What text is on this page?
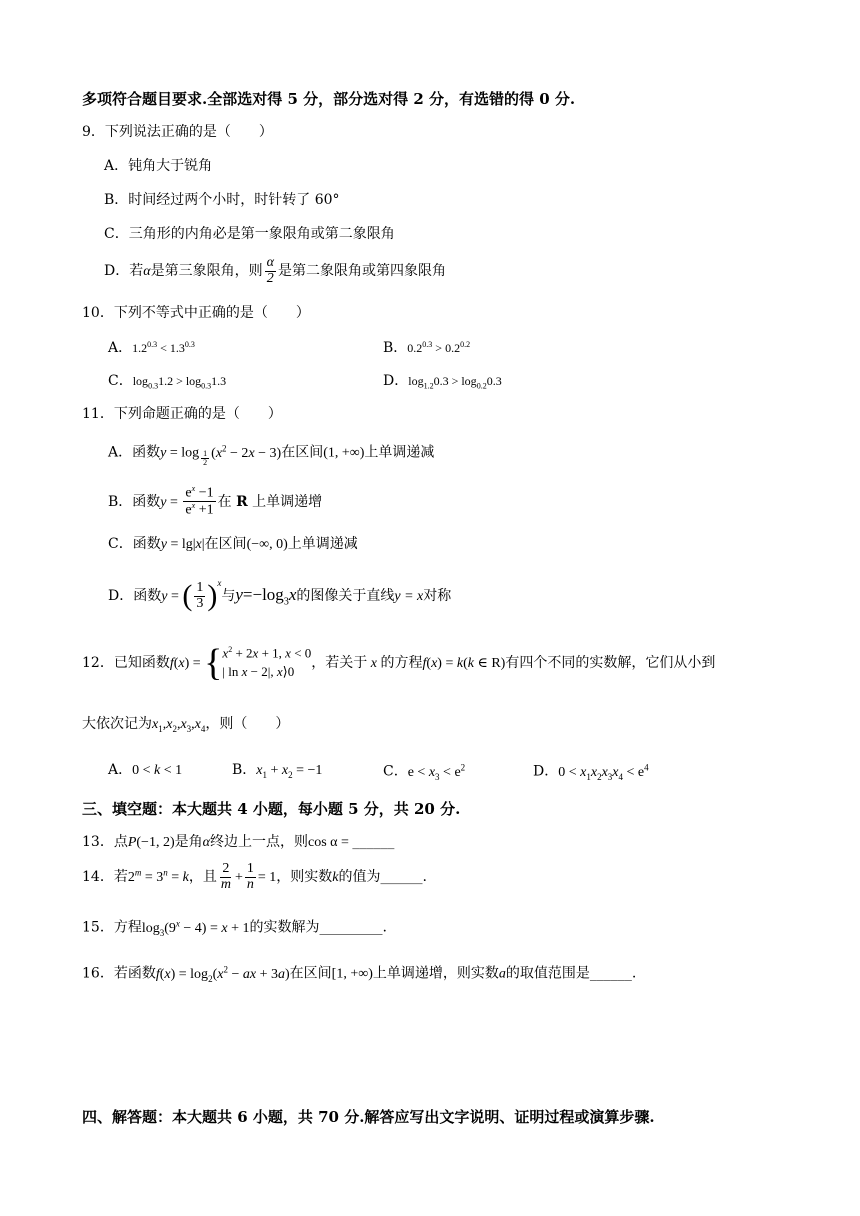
多项符合题目要求.全部选对得 5 分，部分选对得 2 分，有选错的得 0 分.
9．下列说法正确的是（　　）
A．钝角大于锐角
B．时间经过两个小时，时针转了 60°
C．三角形的内角必是第一象限角或第二象限角
D．若α是第三象限角，则 $\frac{\alpha}{2}$ 是第二象限角或第四象限角
10．下列不等式中正确的是（　　）
A．$1.2^{0.3} < 1.3^{0.3}$	B．$0.2^{0.3} > 0.2^{0.2}$
C．$\log_{0.3}1.2 > \log_{0.3}1.3$	D．$\log_{1.2}0.3 > \log_{0.2}0.3$
11．下列命题正确的是（　　）
A．函数y = log $_{\frac{1}{2}}$ $(x^2 - 2x - 3)$在区间(1, +∞)上单调递减
B．函数$y = \frac{e^x -1}{e^x +1}$ 在 R 上单调递增
C．函数y = lg|x|在区间(−∞, 0)上单调递减
D．函数y = ( $\frac{1}{3} )^x$与$y=-\log_3x$的图像关于直线y = x对称
12．已知函数f(x) = { $x^2 + 2x + 1$, x < 0
| ln x − 2|, x⟩0
，若关于 x 的方程f(x) = k(k ∈ R)有四个不同的实数解，它们从小到
大依次记为$x_1,x_2,x_3,x_4$，则（　　）
A．0 < k < 1	B．$x_1 + x_2 = -1$	C．$e < x_3 < e^2$	D．$0 < x_1x_2x_3x_4 < e^4$
三、填空题：本大题共 4 小题，每小题 5 分，共 20 分.
13．点P(−1, 2)是角α终边上一点，则cos α = ______
14．若$2^m = 3^n = k$，且 $\frac{2}{m} + \frac{1}{n} = 1$，则实数k的值为______.
15．方程$\log_3(9^x - 4) = x + 1$的实数解为_________.
16．若函数$f(x) = \log_2(x^2$ − ax + 3a)在区间[1, +∞)上单调递增，则实数a的取值范围是______.
四、解答题：本大题共 6 小题，共 70 分.解答应写出文字说明、证明过程或演算步骤.
